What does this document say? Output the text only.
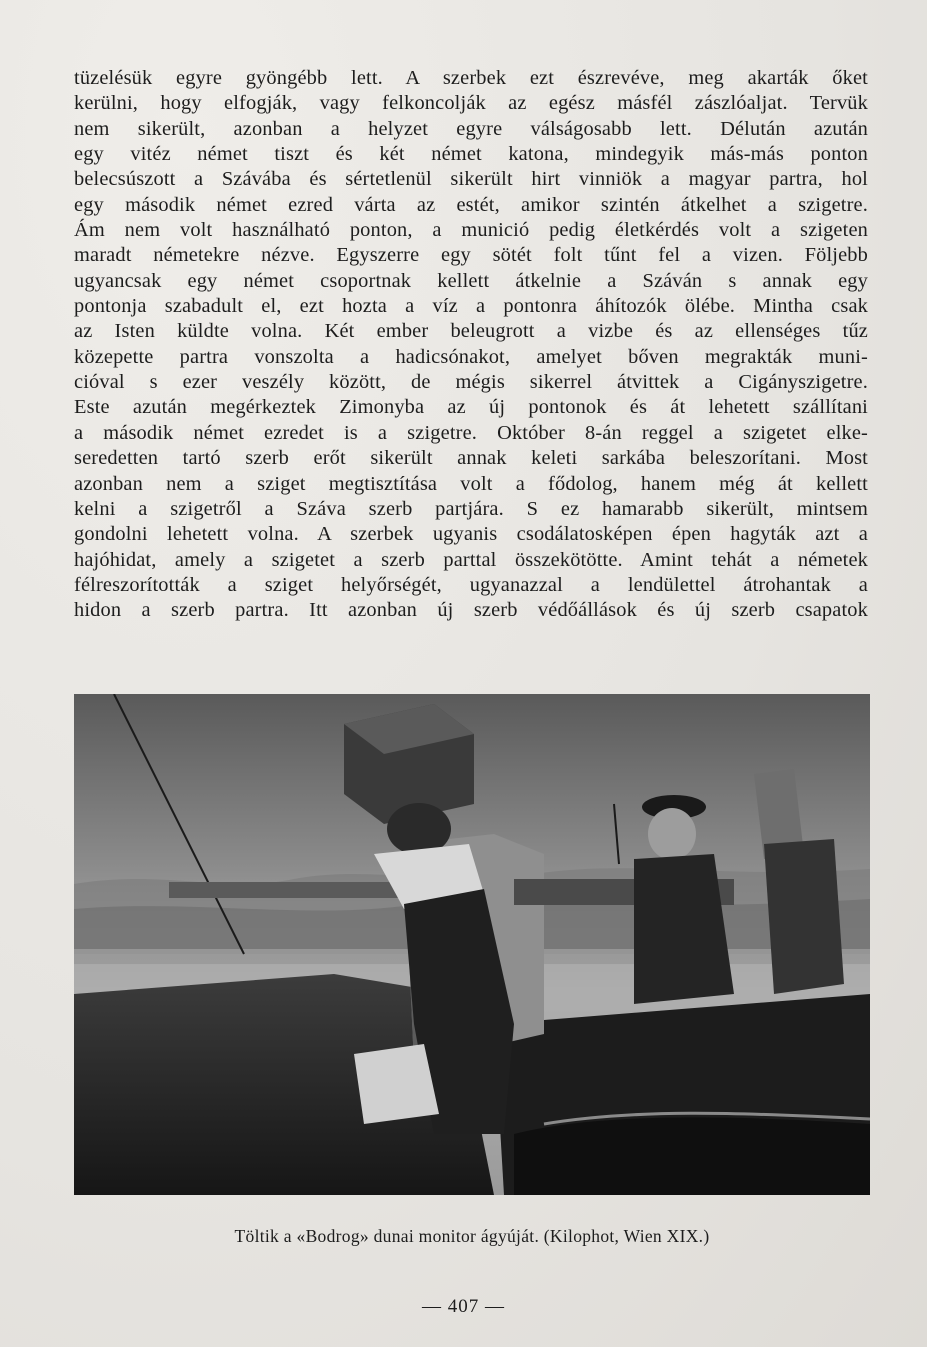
tüzelésük egyre gyöngébb lett. A szerbek ezt észrevéve, meg akarták őket
kerülni, hogy elfogják, vagy felkoncolják az egész másfél zászlóaljat. Tervük
nem sikerült, azonban a helyzet egyre válságosabb lett. Délután azután
egy vitéz német tiszt és két német katona, mindegyik más-más ponton
belecsúszott a Szávába és sértetlenül sikerült hirt vinniök a magyar partra, hol
egy második német ezred várta az estét, amikor szintén átkelhet a szigetre.
Ám nem volt használható ponton, a munició pedig életkérdés volt a szigeten
maradt németekre nézve. Egyszerre egy sötét folt tűnt fel a vizen. Följebb
ugyancsak egy német csoportnak kellett átkelnie a Száván s annak egy
pontonja szabadult el, ezt hozta a víz a pontonra áhítozók ölébe. Mintha csak
az Isten küldte volna. Két ember beleugrott a vizbe és az ellenséges tűz
közepette partra vonszolta a hadicsónakot, amelyet bőven megrakták muni-
cióval s ezer veszély között, de mégis sikerrel átvittek a Cigányszigetre.
Este azután megérkeztek Zimonyba az új pontonok és át lehetett szállítani
a második német ezredet is a szigetre. Október 8-án reggel a szigetet elke-
seredetten tartó szerb erőt sikerült annak keleti sarkába beleszorítani. Most
azonban nem a sziget megtisztítása volt a fődolog, hanem még át kellett
kelni a szigetről a Száva szerb partjára. S ez hamarabb sikerült, mintsem
gondolni lehetett volna. A szerbek ugyanis csodálatosképen épen hagyták azt a
hajóhidat, amely a szigetet a szerb parttal összekötötte. Amint tehát a németek
félreszorították a sziget helyőrségét, ugyanazzal a lendülettel átrohantak a
hidon a szerb partra. Itt azonban új szerb védőállások és új szerb csapatok
Töltik a «Bodrog» dunai monitor ágyúját. (Kilophot, Wien XIX.)
— 407 —
